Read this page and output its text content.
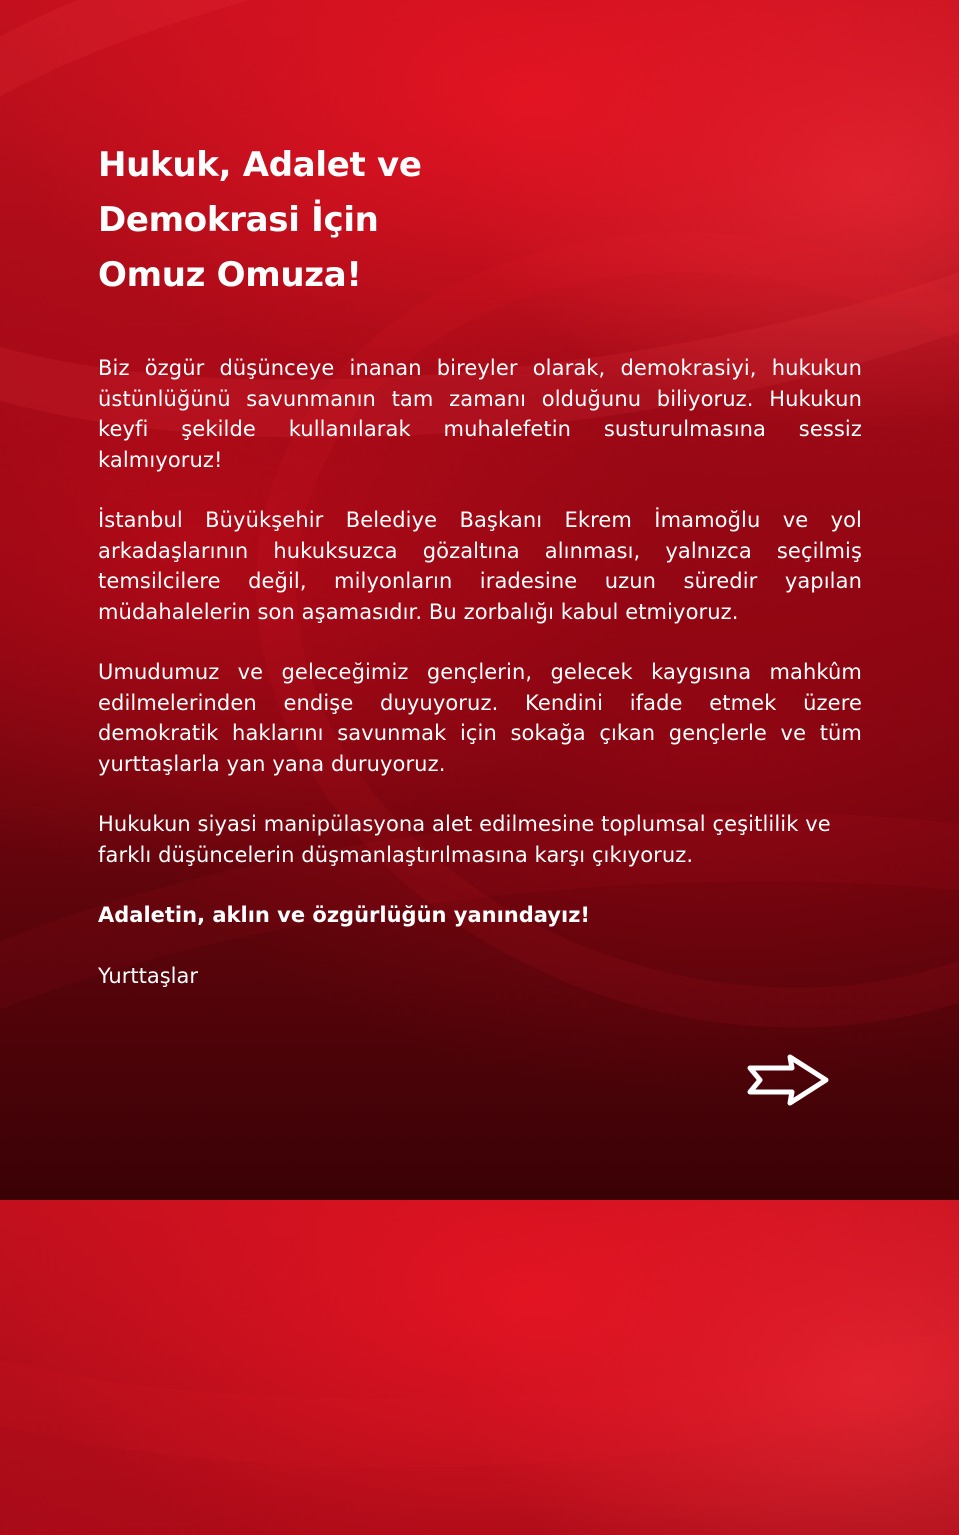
Hukuk, Adalet ve
Demokrasi İçin
Omuz Omuza!

Biz özgür düşünceye inanan bireyler olarak, demokrasiyi, hukukun üstünlüğünü savunmanın tam zamanı olduğunu biliyoruz. Hukukun keyfi şekilde kullanılarak muhalefetin susturulmasına sessiz kalmıyoruz!

İstanbul Büyükşehir Belediye Başkanı Ekrem İmamoğlu ve yol arkadaşlarının hukuksuzca gözaltına alınması, yalnızca seçilmiş temsilcilere değil, milyonların iradesine uzun süredir yapılan müdahalelerin son aşamasıdır. Bu zorbalığı kabul etmiyoruz.

Umudumuz ve geleceğimiz gençlerin, gelecek kaygısına mahkûm edilmelerinden endişe duyuyoruz. Kendini ifade etmek üzere demokratik haklarını savunmak için sokağa çıkan gençlerle ve tüm yurttaşlarla yan yana duruyoruz.

Hukukun siyasi manipülasyona alet edilmesine toplumsal çeşitlilik ve farklı düşüncelerin düşmanlaştırılmasına karşı çıkıyoruz.

Adaletin, aklın ve özgürlüğün yanındayız!

Yurttaşlar
